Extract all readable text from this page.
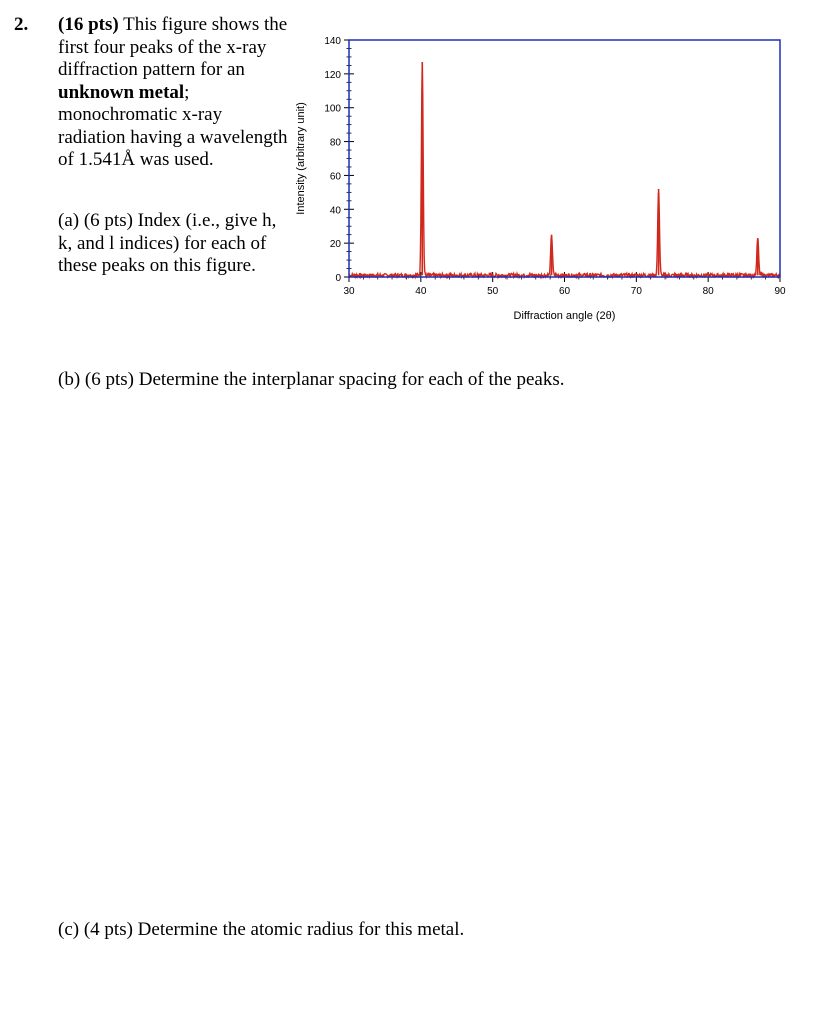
2. (16 pts) This figure shows the first four peaks of the x-ray diffraction pattern for an unknown metal; monochromatic x-ray radiation having a wavelength of 1.541Å was used.
(a) (6 pts) Index (i.e., give h, k, and l indices) for each of these peaks on this figure.
(b) (6 pts) Determine the interplanar spacing for each of the peaks.
(c) (4 pts) Determine the atomic radius for this metal.
0
20
40
60
80
100
120
140
30	40	50	60	70	80	90
Diffraction angle (2θ)
Intensity (arbitrary unit)
